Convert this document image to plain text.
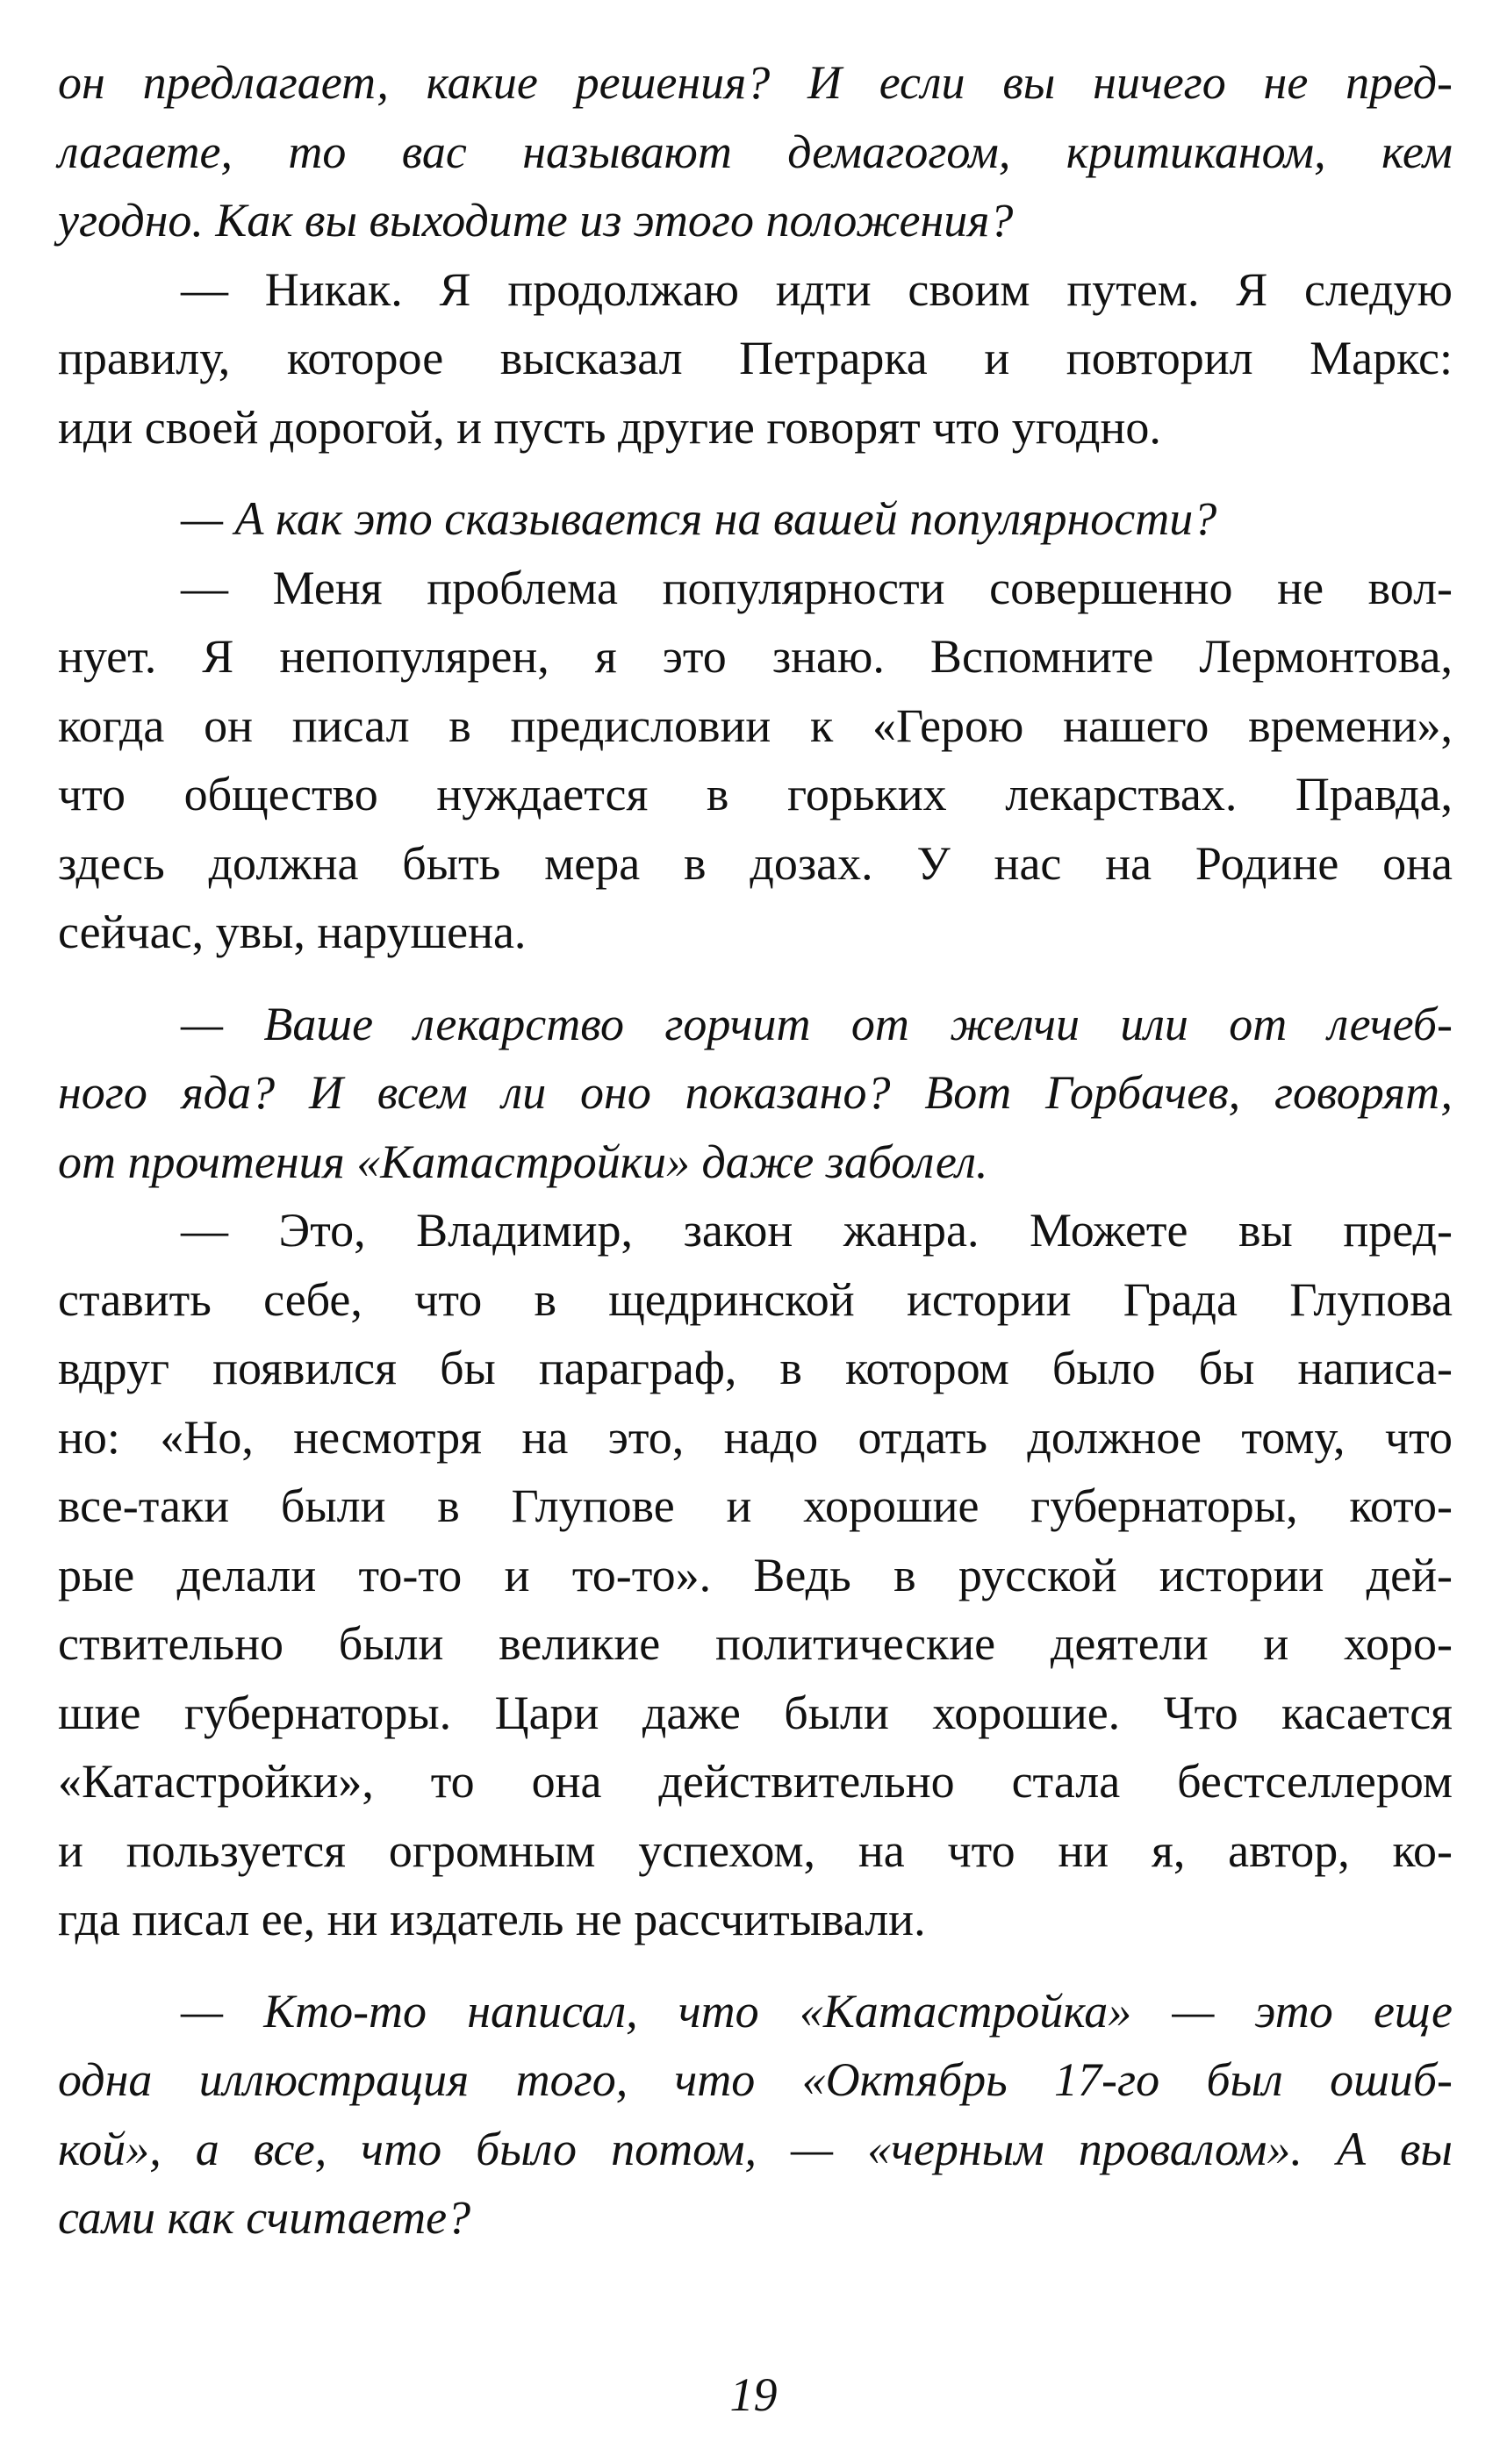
он предлагает, какие решения? И если вы ничего не пред-
лагаете, то вас называют демагогом, критиканом, кем
угодно. Как вы выходите из этого положения?
— Никак. Я продолжаю идти своим путем. Я следую
правилу, которое высказал Петрарка и повторил Маркс:
иди своей дорогой, и пусть другие говорят что угодно.
— А как это сказывается на вашей популярности?
— Меня проблема популярности совершенно не вол-
нует. Я непопулярен, я это знаю. Вспомните Лермонтова,
когда он писал в предисловии к «Герою нашего времени»,
что общество нуждается в горьких лекарствах. Правда,
здесь должна быть мера в дозах. У нас на Родине она
сейчас, увы, нарушена.
— Ваше лекарство горчит от желчи или от лечеб-
ного яда? И всем ли оно показано? Вот Горбачев, говорят,
от прочтения «Катастройки» даже заболел.
— Это, Владимир, закон жанра. Можете вы пред-
ставить себе, что в щедринской истории Града Глупова
вдруг появился бы параграф, в котором было бы написа-
но: «Но, несмотря на это, надо отдать должное тому, что
все-таки были в Глупове и хорошие губернаторы, кото-
рые делали то-то и то-то». Ведь в русской истории дей-
ствительно были великие политические деятели и хоро-
шие губернаторы. Цари даже были хорошие. Что касается
«Катастройки», то она действительно стала бестселлером
и пользуется огромным успехом, на что ни я, автор, ко-
гда писал ее, ни издатель не рассчитывали.
— Кто-то написал, что «Катастройка» — это еще
одна иллюстрация того, что «Октябрь 17-го был ошиб-
кой», а все, что было потом, — «черным провалом». А вы
сами как считаете?
19
